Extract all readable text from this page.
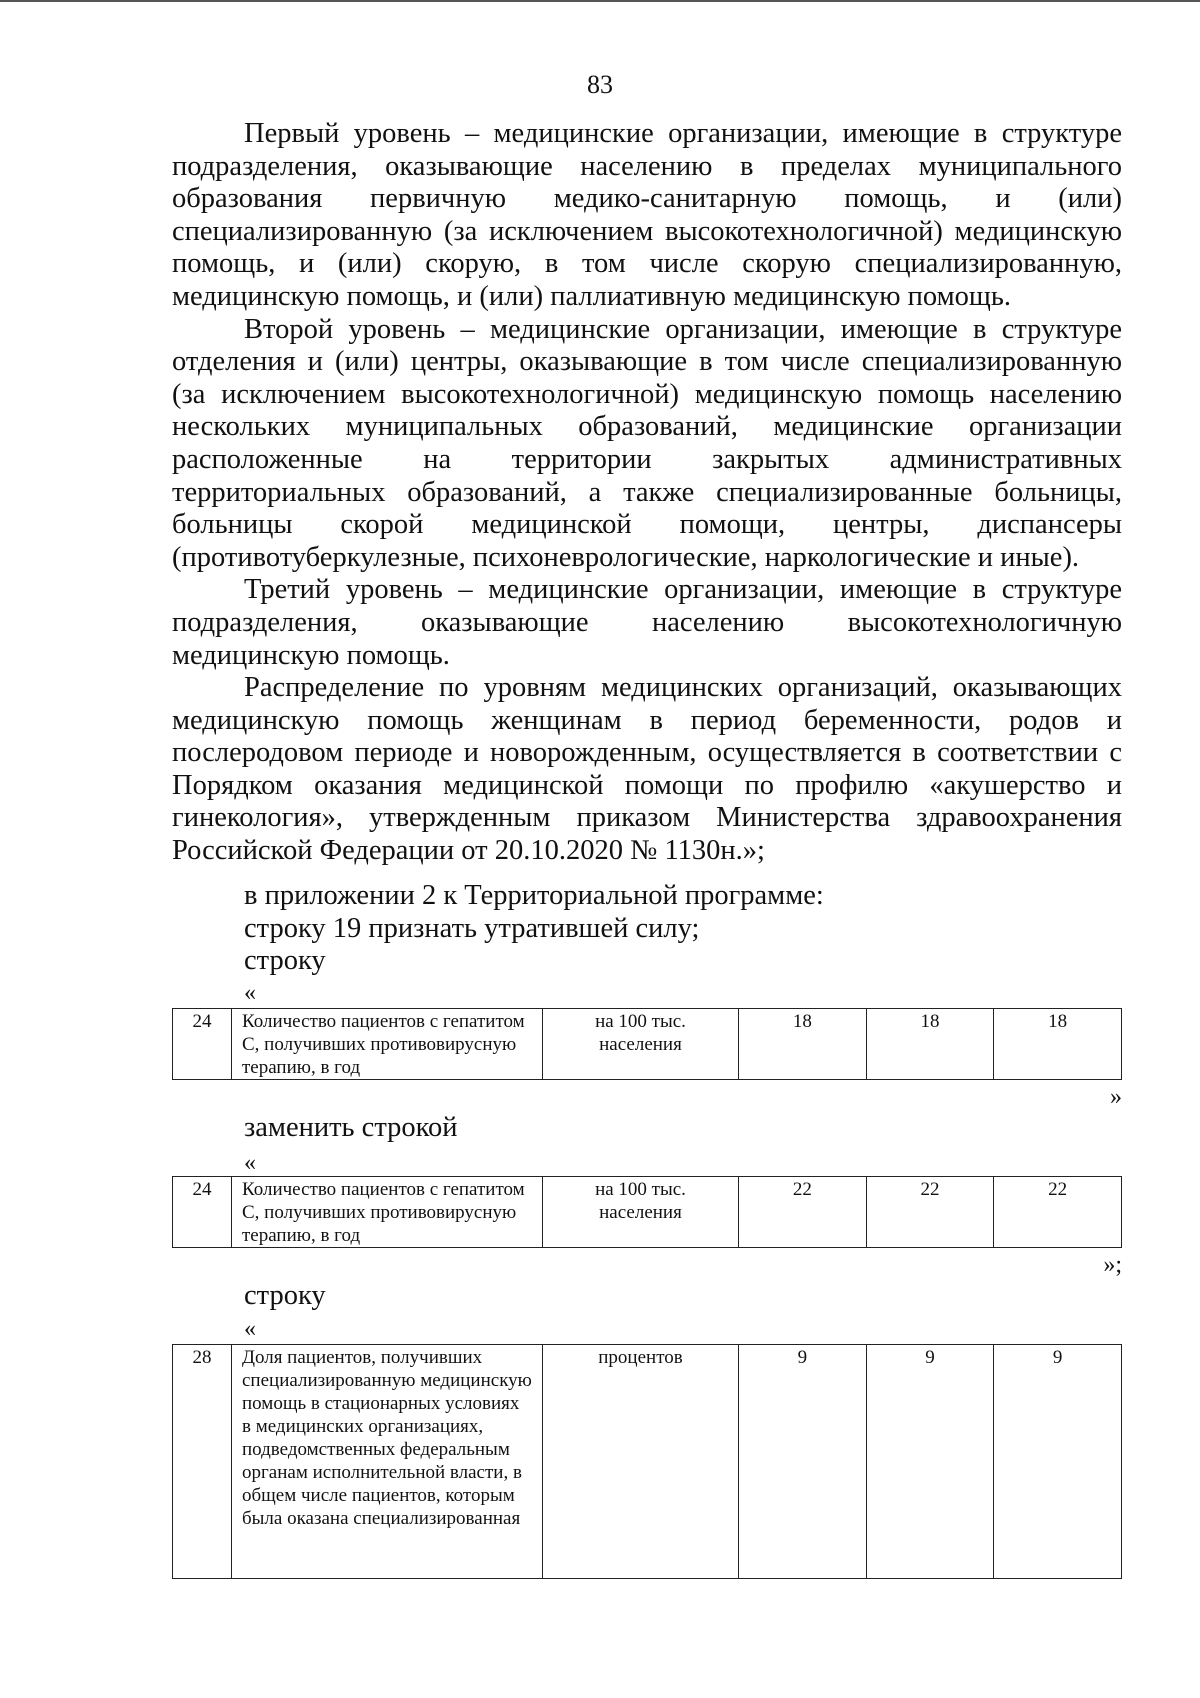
83

Первый уровень – медицинские организации, имеющие в структуре подразделения, оказывающие населению в пределах муниципального образования первичную медико-санитарную помощь, и (или) специализированную (за исключением высокотехнологичной) медицинскую помощь, и (или) скорую, в том числе скорую специализированную, медицинскую помощь, и (или) паллиативную медицинскую помощь.

Второй уровень – медицинские организации, имеющие в структуре отделения и (или) центры, оказывающие в том числе специализированную (за исключением высокотехнологичной) медицинскую помощь населению нескольких муниципальных образований, медицинские организации расположенные на территории закрытых административных территориальных образований, а также специализированные больницы, больницы скорой медицинской помощи, центры, диспансеры (противотуберкулезные, психоневрологические, наркологические и иные).

Третий уровень – медицинские организации, имеющие в структуре подразделения, оказывающие населению высокотехнологичную медицинскую помощь.

Распределение по уровням медицинских организаций, оказывающих медицинскую помощь женщинам в период беременности, родов и послеродовом периоде и новорожденным, осуществляется в соответствии с Порядком оказания медицинской помощи по профилю «акушерство и гинекология», утвержденным приказом Министерства здравоохранения Российской Федерации от 20.10.2020 № 1130н.»;

в приложении 2 к Территориальной программе:

строку 19 признать утратившей силу;

строку

«
24	Количество пациентов с гепатитом С, получивших противовирусную терапию, в год	на 100 тыс. населения	18	18	18
»

заменить строкой

«
24	Количество пациентов с гепатитом С, получивших противовирусную терапию, в год	на 100 тыс. населения	22	22	22
»;

строку

«
28	Доля пациентов, получивших специализированную медицинскую помощь в стационарных условиях в медицинских организациях, подведомственных федеральным органам исполнительной власти, в общем числе пациентов, которым была оказана специализированная	процентов	9	9	9
